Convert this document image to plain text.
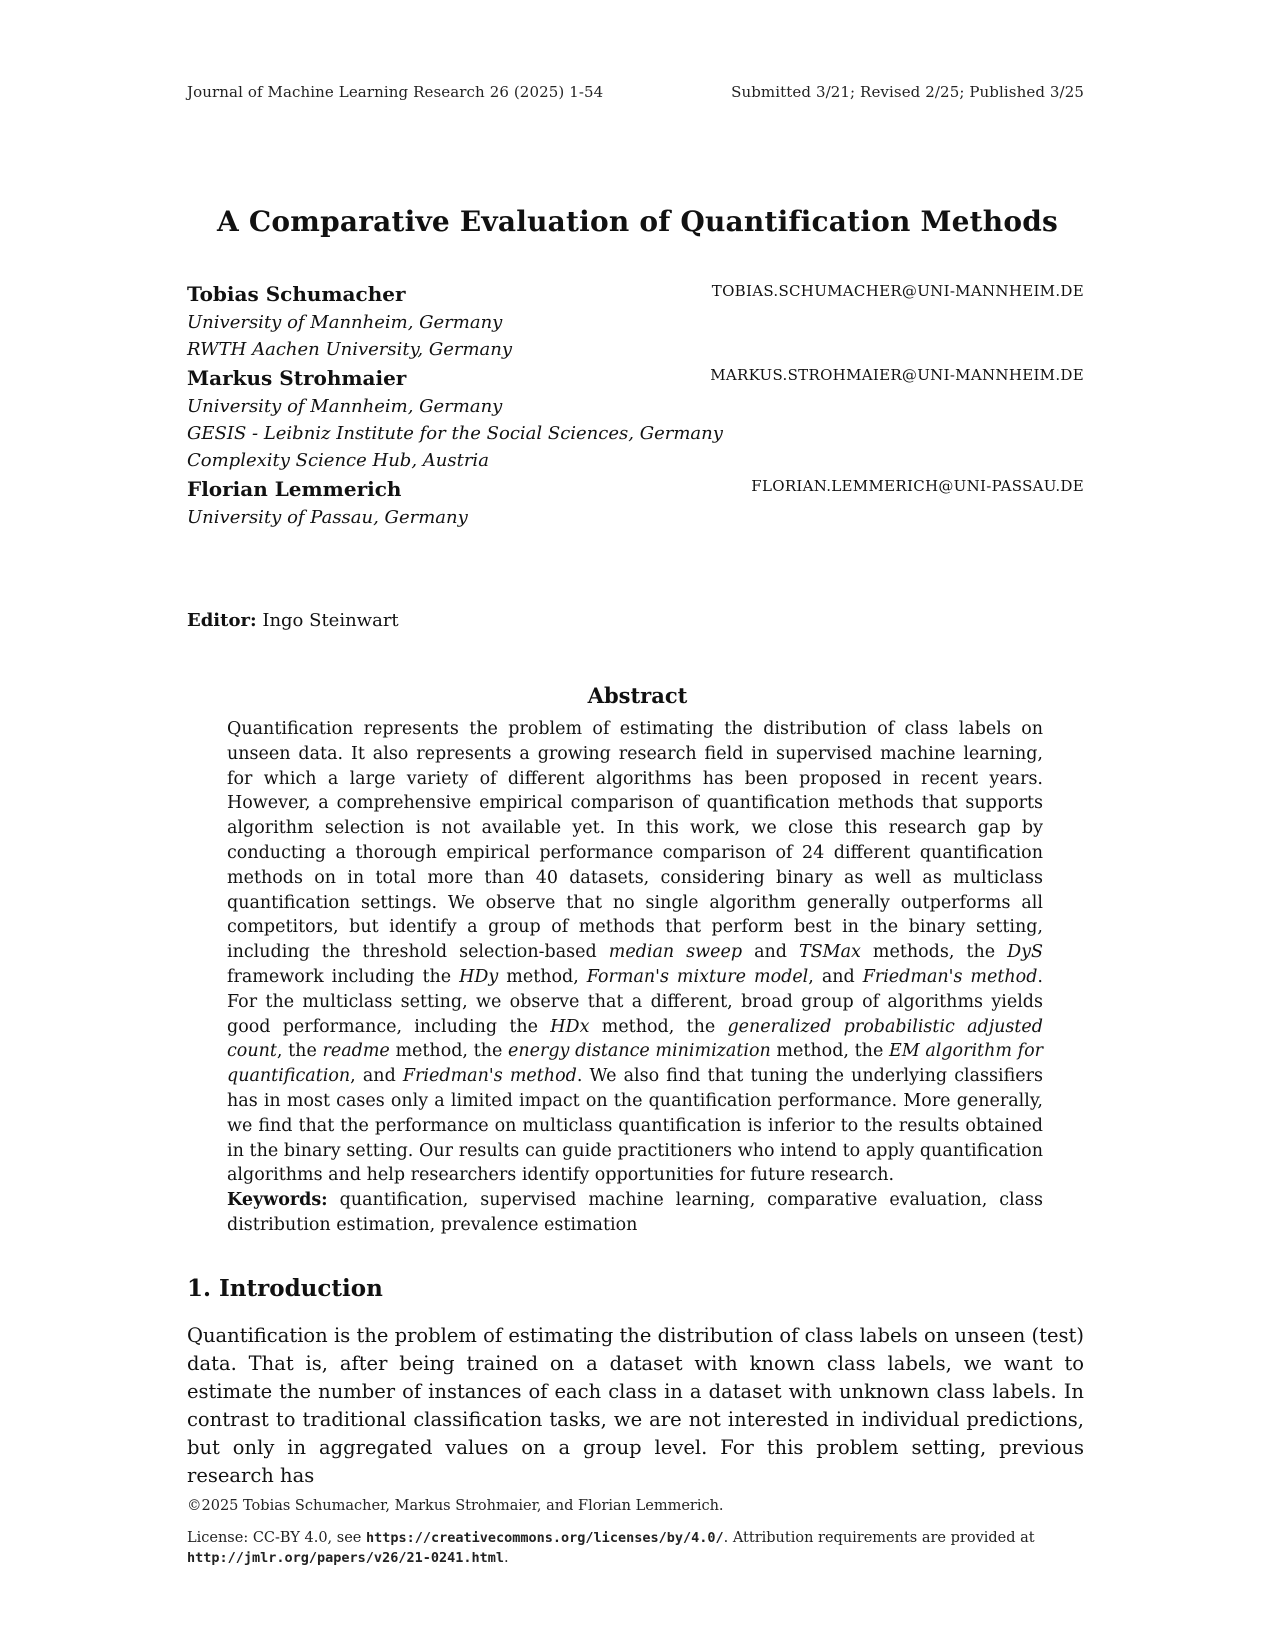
Journal of Machine Learning Research 26 (2025) 1-54	Submitted 3/21; Revised 2/25; Published 3/25
A Comparative Evaluation of Quantification Methods
Tobias Schumacher	TOBIAS.SCHUMACHER@UNI-MANNHEIM.DE
University of Mannheim, Germany
RWTH Aachen University, Germany
Markus Strohmaier	MARKUS.STROHMAIER@UNI-MANNHEIM.DE
University of Mannheim, Germany
GESIS - Leibniz Institute for the Social Sciences, Germany
Complexity Science Hub, Austria
Florian Lemmerich	FLORIAN.LEMMERICH@UNI-PASSAU.DE
University of Passau, Germany
Editor: Ingo Steinwart
Abstract

Quantification represents the problem of estimating the distribution of class labels on unseen data. It also represents a growing research field in supervised machine learning, for which a large variety of different algorithms has been proposed in recent years. However, a comprehensive empirical comparison of quantification methods that supports algorithm selection is not available yet. In this work, we close this research gap by conducting a thorough empirical performance comparison of 24 different quantification methods on in total more than 40 datasets, considering binary as well as multiclass quantification settings. We observe that no single algorithm generally outperforms all competitors, but identify a group of methods that perform best in the binary setting, including the threshold selection-based median sweep and TSMax methods, the DyS framework including the HDy method, Forman's mixture model, and Friedman's method. For the multiclass setting, we observe that a different, broad group of algorithms yields good performance, including the HDx method, the generalized probabilistic adjusted count, the readme method, the energy distance minimization method, the EM algorithm for quantification, and Friedman's method. We also find that tuning the underlying classifiers has in most cases only a limited impact on the quantification performance. More generally, we find that the performance on multiclass quantification is inferior to the results obtained in the binary setting. Our results can guide practitioners who intend to apply quantification algorithms and help researchers identify opportunities for future research.

Keywords: quantification, supervised machine learning, comparative evaluation, class distribution estimation, prevalence estimation

1. Introduction

Quantification is the problem of estimating the distribution of class labels on unseen (test) data. That is, after being trained on a dataset with known class labels, we want to estimate the number of instances of each class in a dataset with unknown class labels. In contrast to traditional classification tasks, we are not interested in individual predictions, but only in aggregated values on a group level. For this problem setting, previous research has

©2025 Tobias Schumacher, Markus Strohmaier, and Florian Lemmerich.
License: CC-BY 4.0, see https://creativecommons.org/licenses/by/4.0/. Attribution requirements are provided at http://jmlr.org/papers/v26/21-0241.html.
